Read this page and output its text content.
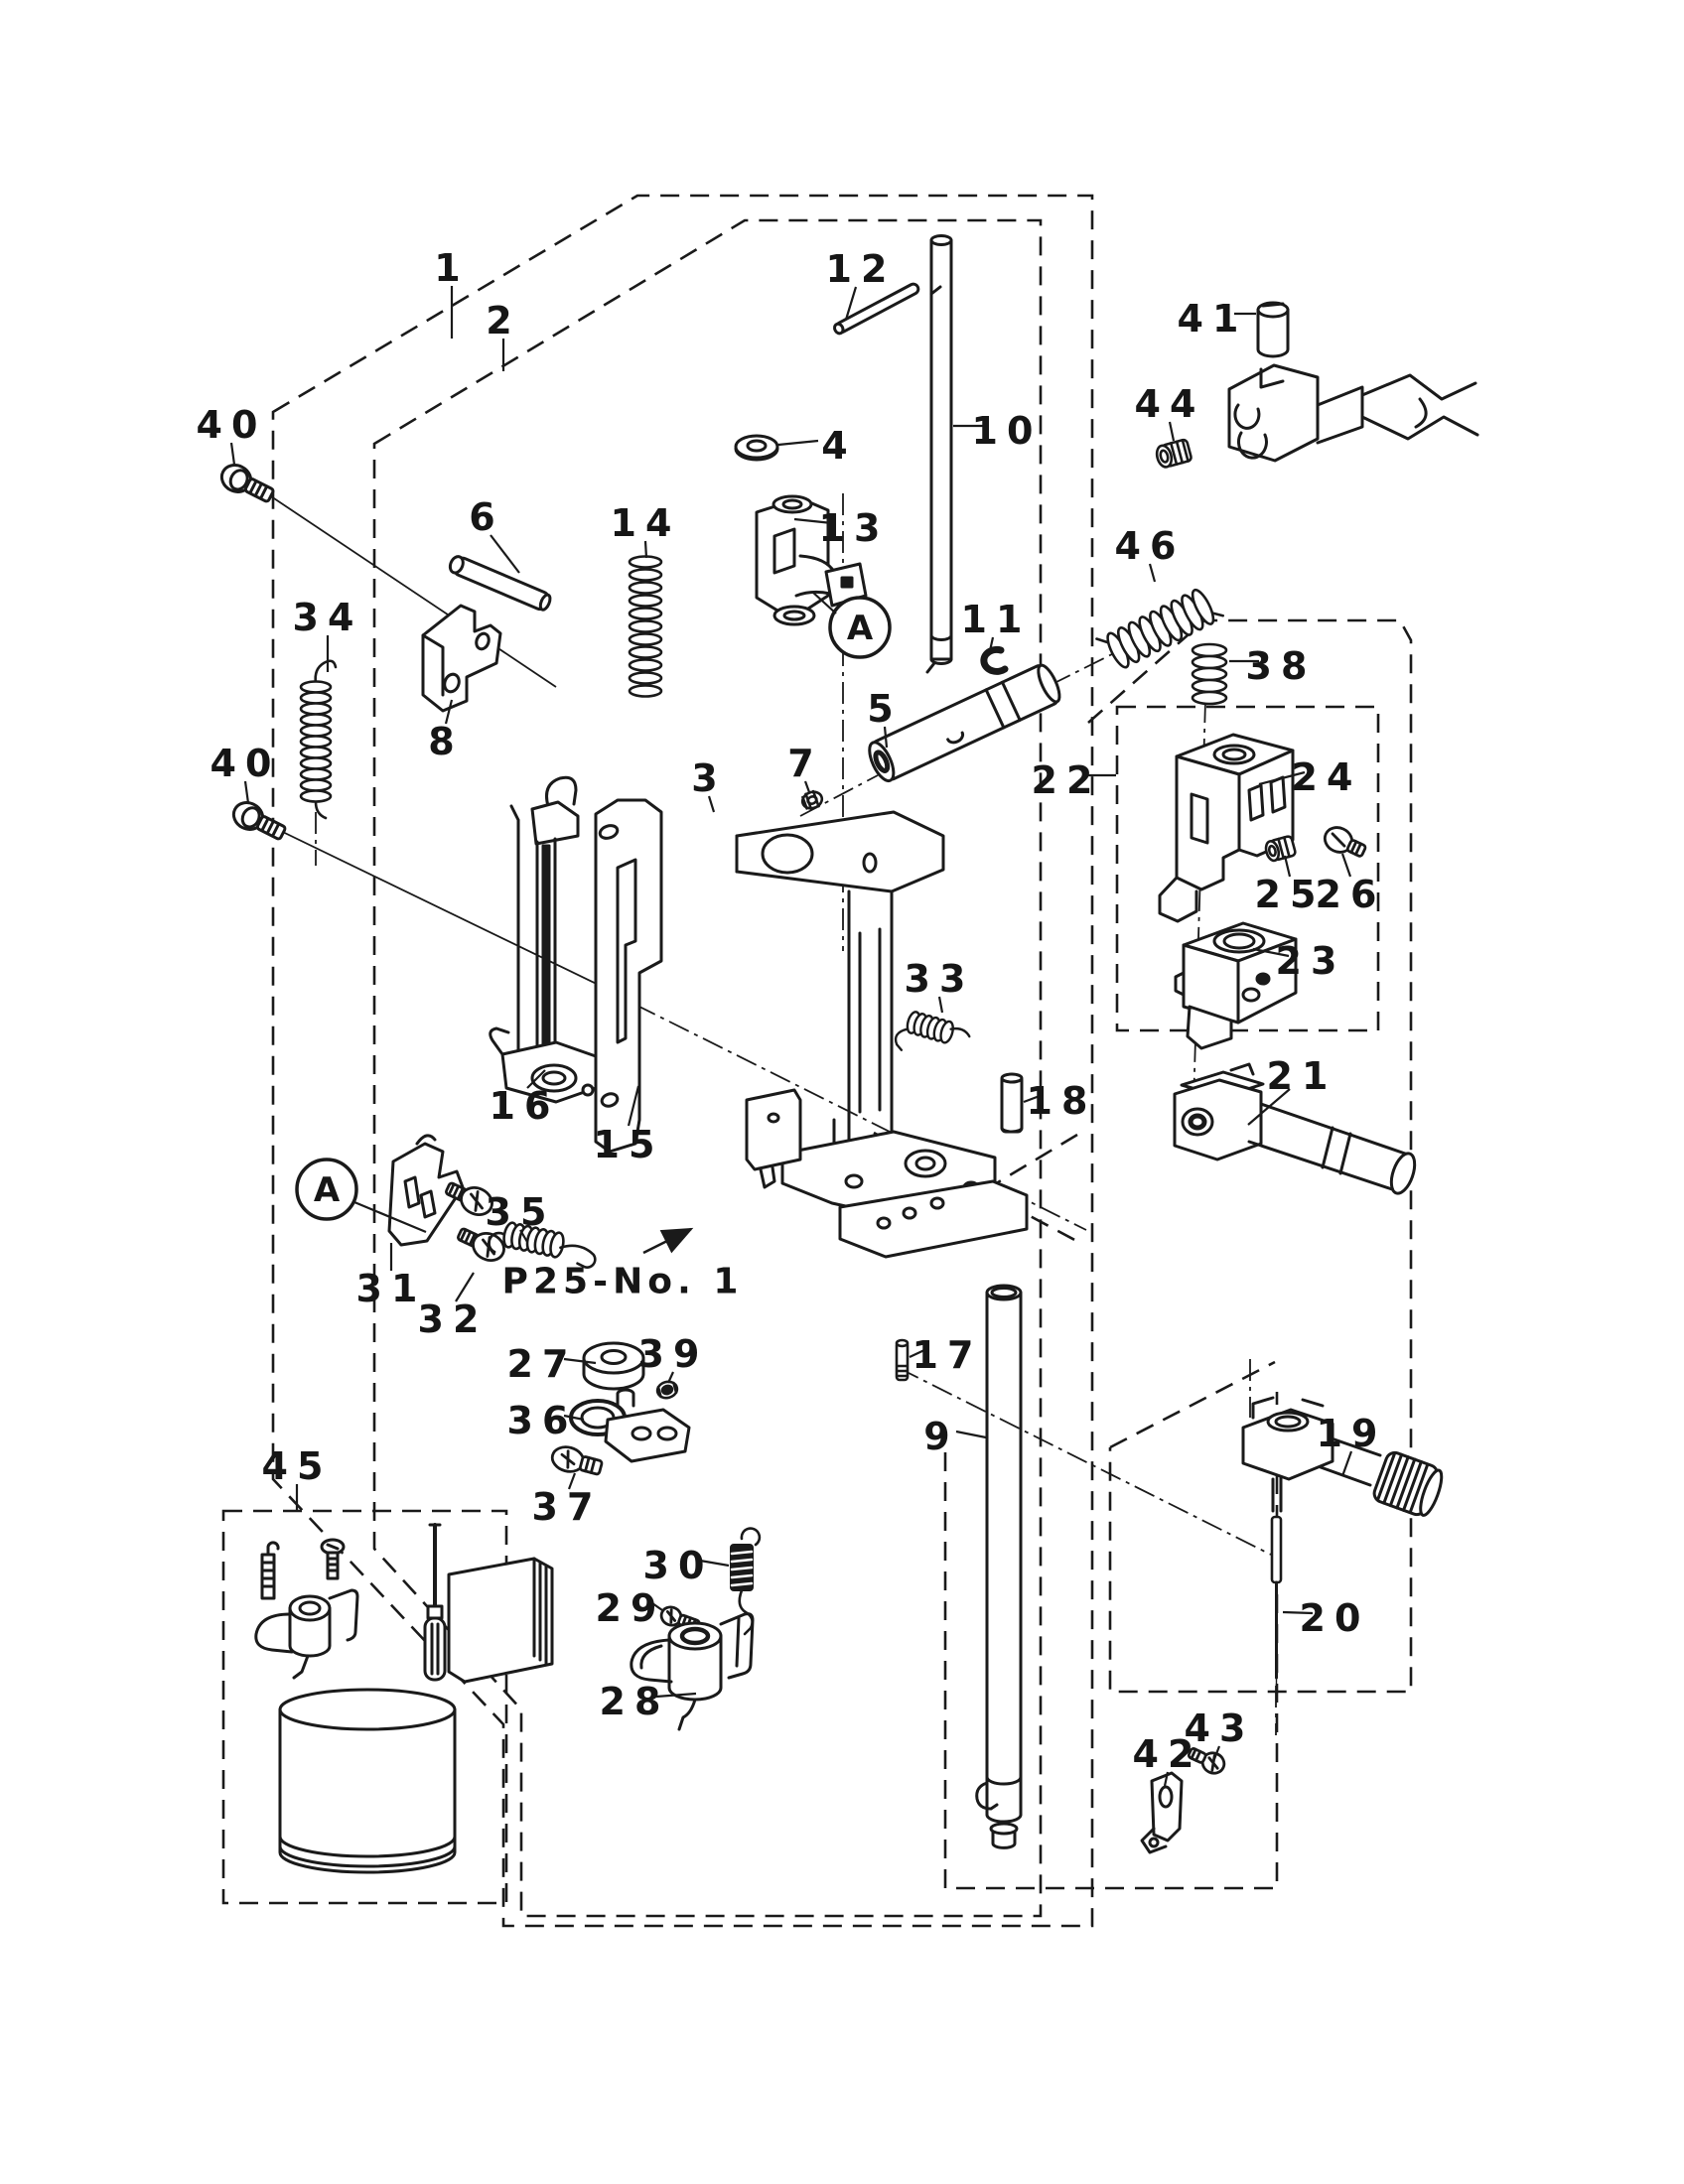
1
2
40
34
40
6	14
8
4
13
12
10
11
41
44
46
38
22	24
25
26
23
21
3
5
7
33
18
16
15
31
32
35
27 39
36
37
45
30
29
28
9
17
19
20
42
43
A
A
P25-No. 1
